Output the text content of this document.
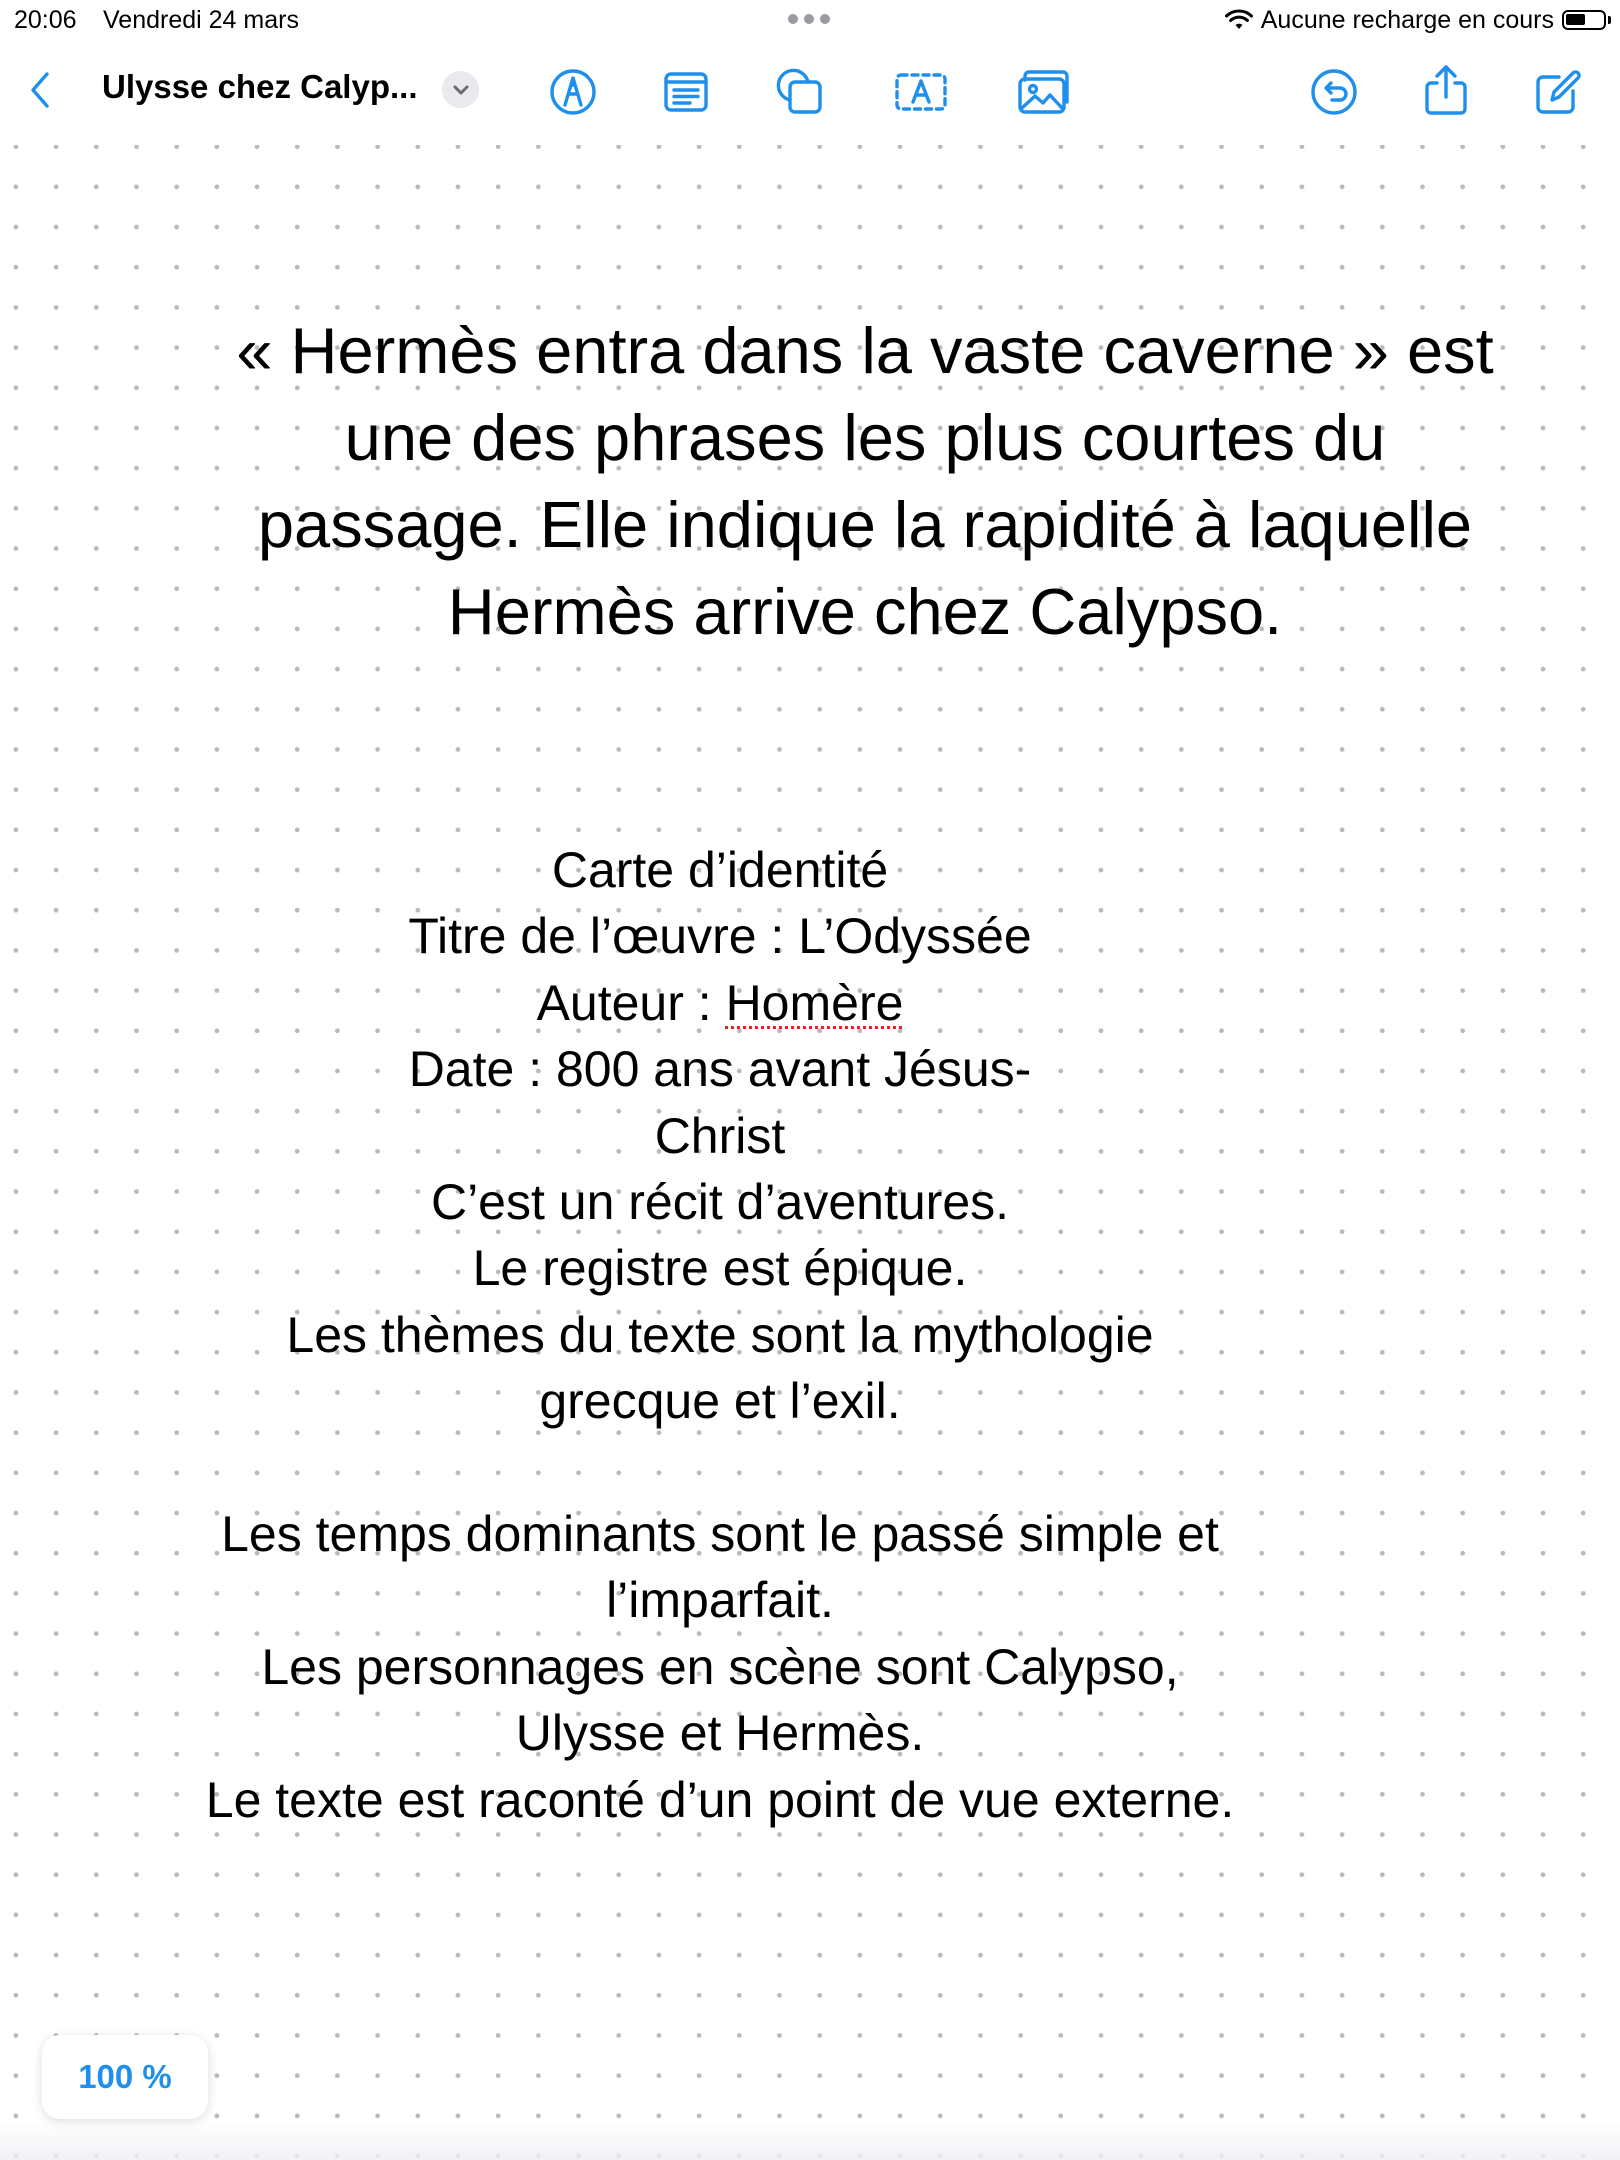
20:06 Vendredi 24 mars	Aucune recharge en cours
Ulysse chez Calyp...
« Hermès entra dans la vaste caverne » est
une des phrases les plus courtes du
passage. Elle indique la rapidité à laquelle
Hermès arrive chez Calypso.
Carte d’identité
Titre de l’œuvre : L’Odyssée
Auteur : Homère
Date : 800 ans avant Jésus-
Christ
C’est un récit d’aventures.
Le registre est épique.
Les thèmes du texte sont la mythologie
grecque et l’exil.
Les temps dominants sont le passé simple et
l’imparfait.
Les personnages en scène sont Calypso,
Ulysse et Hermès.
Le texte est raconté d’un point de vue externe.
100 %
